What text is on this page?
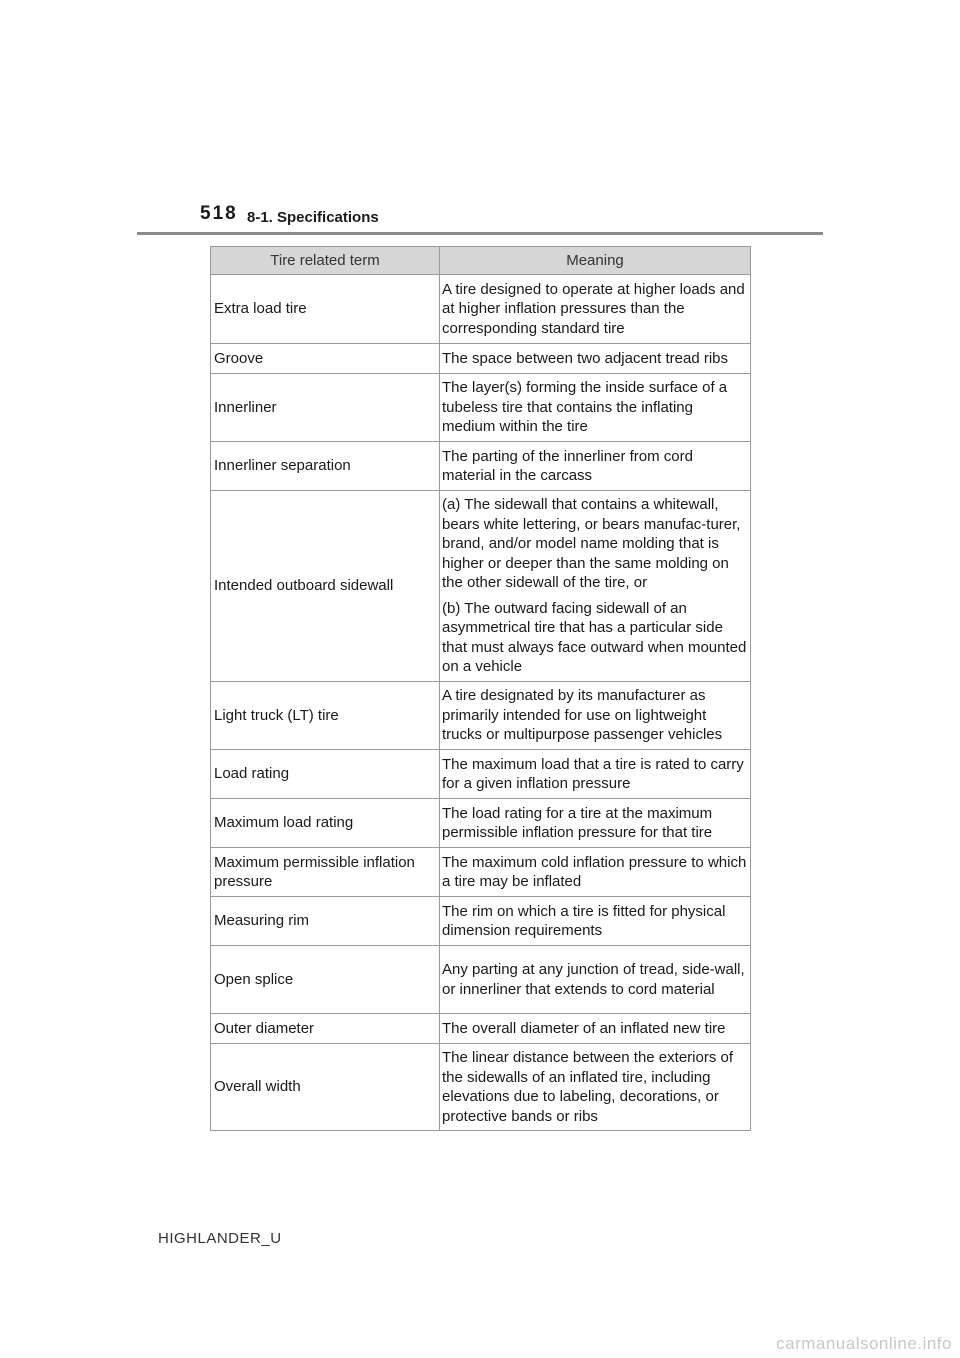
518 8-1. Specifications
Tire related term	Meaning
Extra load tire	A tire designed to operate at higher loads and at higher inflation pressures than the corresponding standard tire

Groove	The space between two adjacent tread ribs

Innerliner	The layer(s) forming the inside surface of a tubeless tire that contains the inflating medium within the tire

Innerliner separation	The parting of the innerliner from cord material in the carcass

Intended outboard sidewall	(a) The sidewall that contains a whitewall, bears white lettering, or bears manufac-turer, brand, and/or model name molding that is higher or deeper than the same molding on the other sidewall of the tire, or
(b) The outward facing sidewall of an asymmetrical tire that has a particular side that must always face outward when mounted on a vehicle

Light truck (LT) tire	A tire designated by its manufacturer as primarily intended for use on lightweight trucks or multipurpose passenger vehicles

Load rating	The maximum load that a tire is rated to carry for a given inflation pressure

Maximum load rating	The load rating for a tire at the maximum permissible inflation pressure for that tire

Maximum permissible inflation pressure	The maximum cold inflation pressure to which a tire may be inflated

Measuring rim	The rim on which a tire is fitted for physical dimension requirements

Open splice	Any parting at any junction of tread, side-wall, or innerliner that extends to cord material

Outer diameter	The overall diameter of an inflated new tire

Overall width	The linear distance between the exteriors of the sidewalls of an inflated tire, including elevations due to labeling, decorations, or protective bands or ribs
HIGHLANDER_U
carmanualsonline.info
